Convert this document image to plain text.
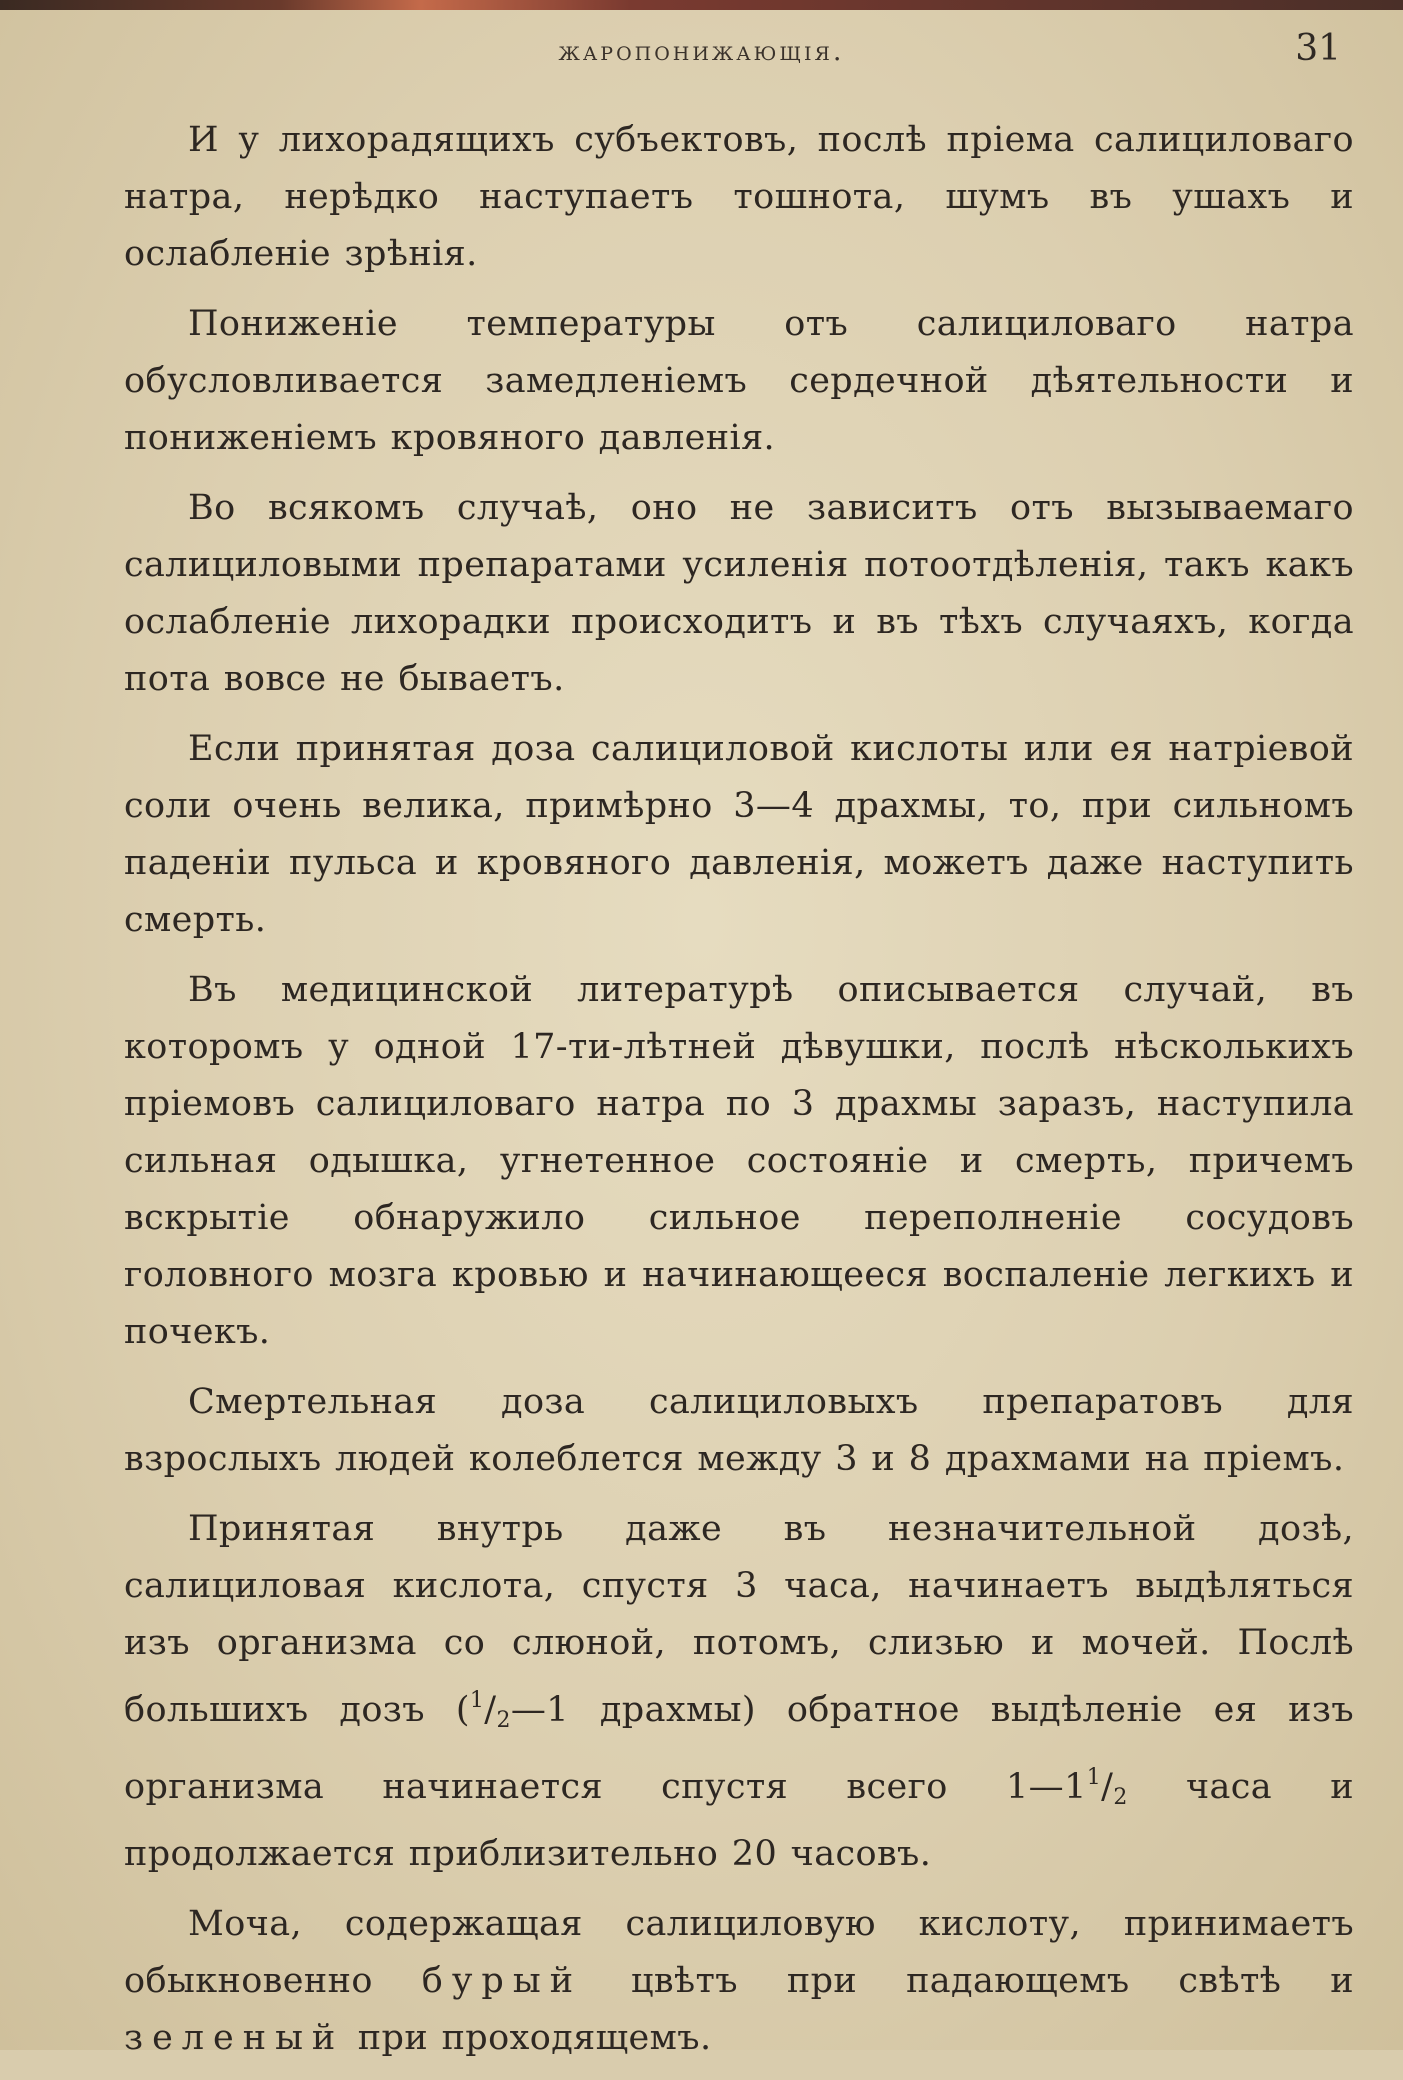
жаропонижающія.	31

И у лихорадящихъ субъектовъ, послѣ пріема салициловаго натра, нерѣдко наступаетъ тошнота, шумъ въ ушахъ и ослабленіе зрѣнія.

Пониженіе температуры отъ салициловаго натра обусловливается замедленіемъ сердечной дѣятельности и пониженіемъ кровяного давленія.

Во всякомъ случаѣ, оно не зависитъ отъ вызываемаго салициловыми препаратами усиленія потоотдѣленія, такъ какъ ослабленіе лихорадки происходитъ и въ тѣхъ случаяхъ, когда пота вовсе не бываетъ.

Если принятая доза салициловой кислоты или ея натріевой соли очень велика, примѣрно 3—4 драхмы, то, при сильномъ паденіи пульса и кровяного давленія, можетъ даже наступить смерть.

Въ медицинской литературѣ описывается случай, въ которомъ у одной 17-ти-лѣтней дѣвушки, послѣ нѣсколькихъ пріемовъ салициловаго натра по 3 драхмы заразъ, наступила сильная одышка, угнетенное состояніе и смерть, причемъ вскрытіе обнаружило сильное переполненіе сосудовъ головного мозга кровью и начинающееся воспаленіе легкихъ и почекъ.

Смертельная доза салициловыхъ препаратовъ для взрослыхъ людей колеблется между 3 и 8 драхмами на пріемъ.

Принятая внутрь даже въ незначительной дозѣ, салициловая кислота, спустя 3 часа, начинаетъ выдѣляться изъ организма со слюной, потомъ, слизью и мочей. Послѣ большихъ дозъ ($^1/_2—1$ драхмы) обратное выдѣленіе ея изъ организма начинается спустя всего $1—1^1/_2$ часа и продолжается приблизительно 20 часовъ.

Моча, содержащая салициловую кислоту, принимаетъ обыкновенно бурый цвѣтъ при падающемъ свѣтѣ и зеленый при проходящемъ.
